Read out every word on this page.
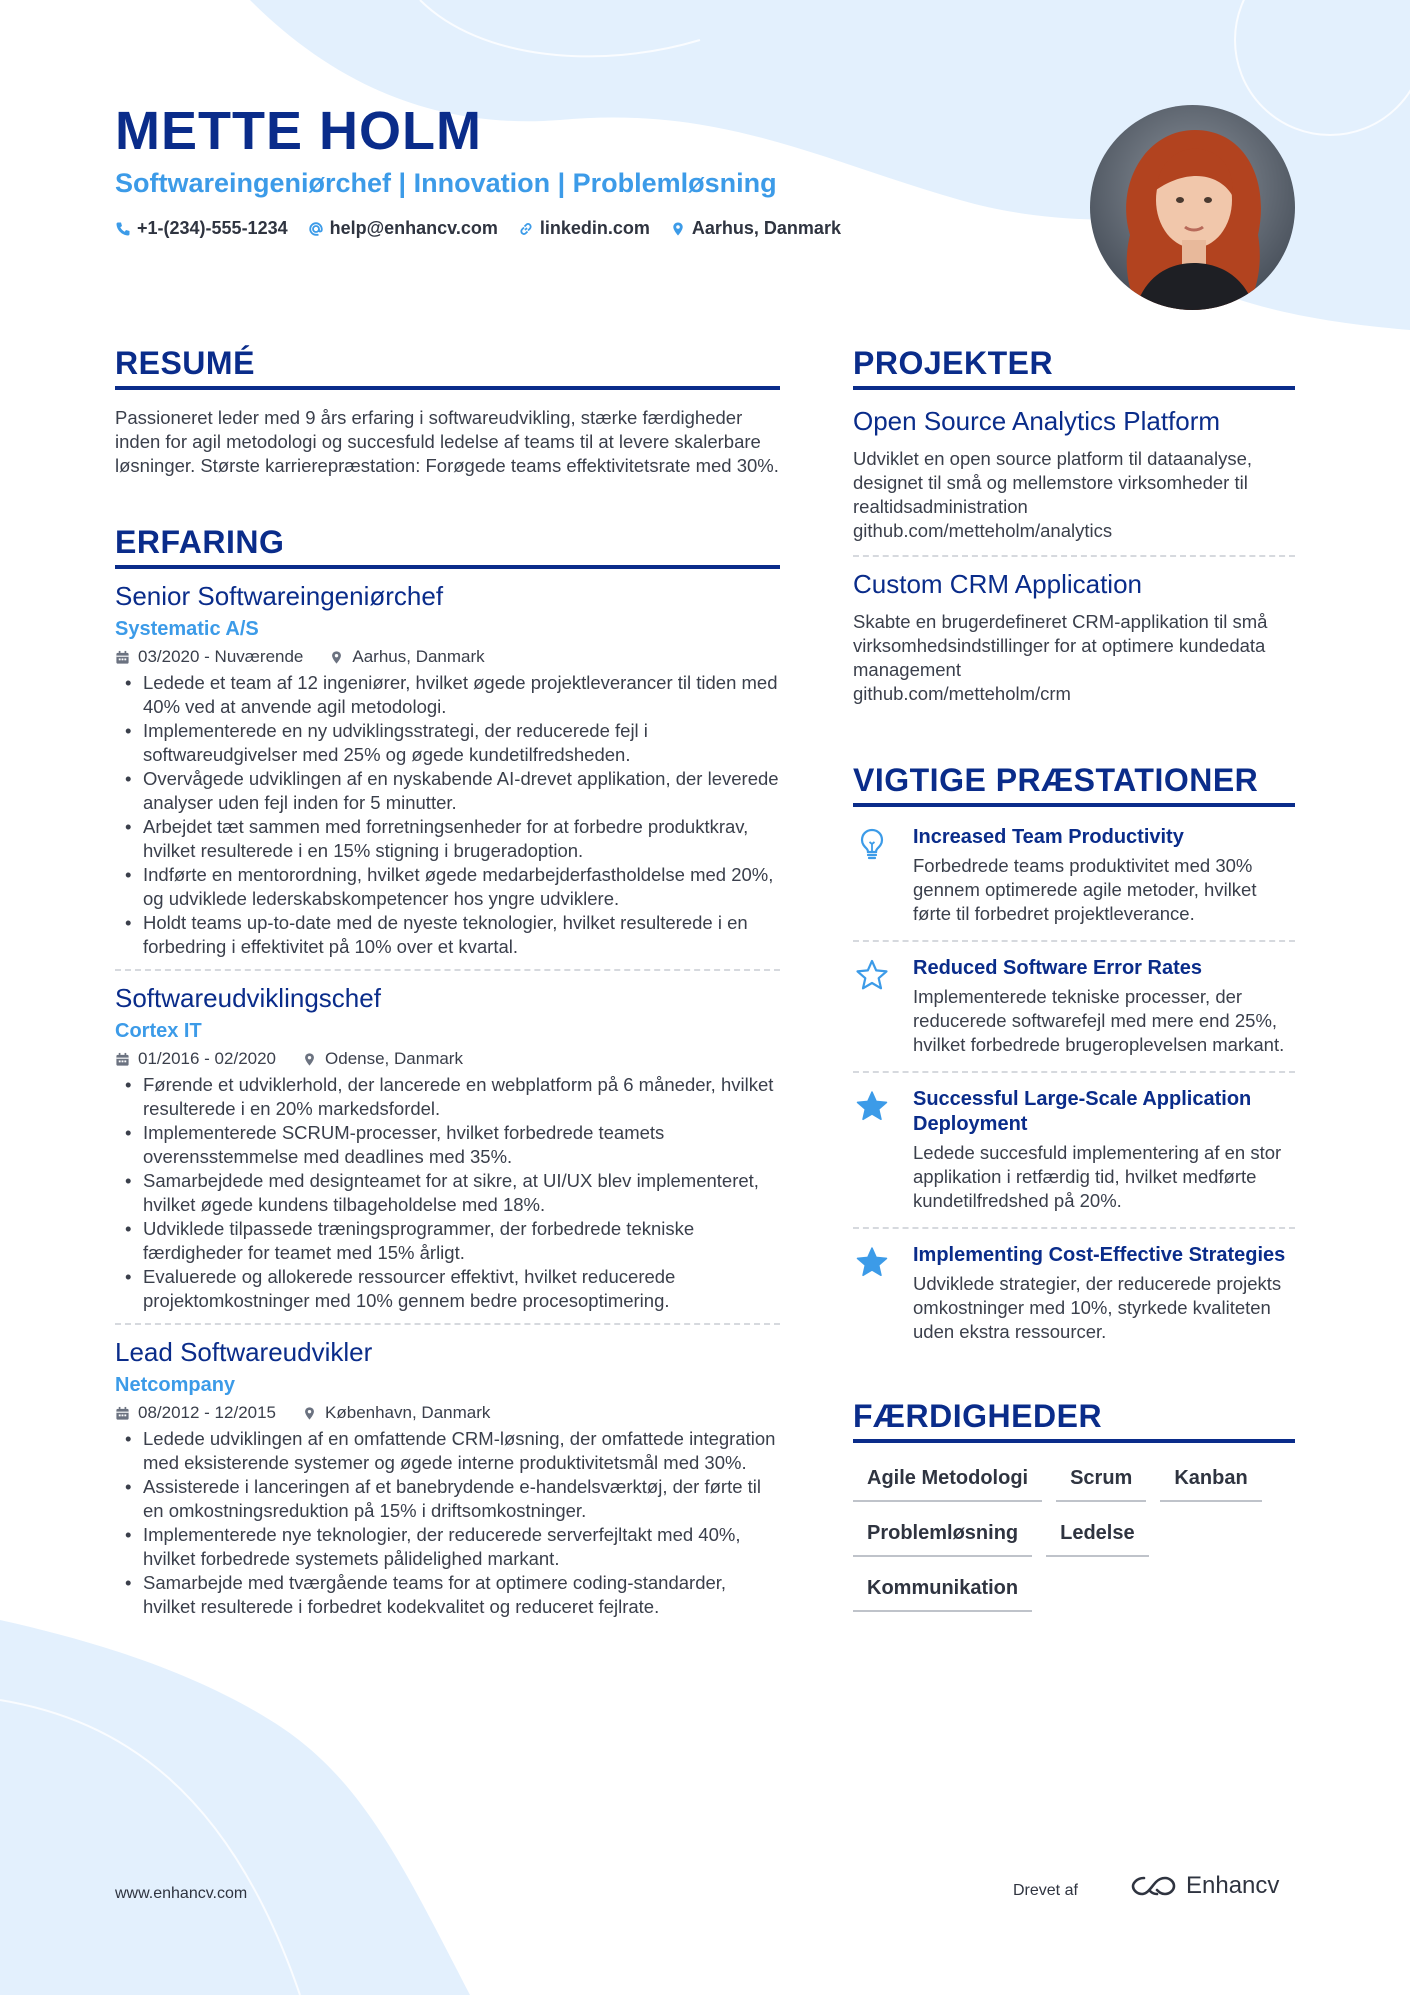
METTE HOLM
Softwareingeniørchef | Innovation | Problemløsning
+1-(234)-555-1234 help@enhancv.com linkedin.com Aarhus, Danmark
RESUMÉ

Passioneret leder med 9 års erfaring i softwareudvikling, stærke færdigheder inden for agil metodologi og succesfuld ledelse af teams til at levere skalerbare løsninger. Største karrierepræstation: Forøgede teams effektivitetsrate med 30%.

ERFARING
Senior Softwareingeniørchef
Systematic A/S
03/2020 - Nuværende	Aarhus, Danmark
• Ledede et team af 12 ingeniører, hvilket øgede projektleverancer til tiden med 40% ved at anvende agil metodologi.
• Implementerede en ny udviklingsstrategi, der reducerede fejl i softwareudgivelser med 25% og øgede kundetilfredsheden.
• Overvågede udviklingen af en nyskabende AI-drevet applikation, der leverede analyser uden fejl inden for 5 minutter.
• Arbejdet tæt sammen med forretningsenheder for at forbedre produktkrav, hvilket resulterede i en 15% stigning i brugeradoption.
• Indførte en mentorordning, hvilket øgede medarbejderfastholdelse med 20%, og udviklede lederskabskompetencer hos yngre udviklere.
• Holdt teams up-to-date med de nyeste teknologier, hvilket resulterede i en forbedring i effektivitet på 10% over et kvartal.
Softwareudviklingschef
Cortex IT
01/2016 - 02/2020	Odense, Danmark
• Førende et udviklerhold, der lancerede en webplatform på 6 måneder, hvilket resulterede i en 20% markedsfordel.
• Implementerede SCRUM-processer, hvilket forbedrede teamets overensstemmelse med deadlines med 35%.
• Samarbejdede med designteamet for at sikre, at UI/UX blev implementeret, hvilket øgede kundens tilbageholdelse med 18%.
• Udviklede tilpassede træningsprogrammer, der forbedrede tekniske færdigheder for teamet med 15% årligt.
• Evaluerede og allokerede ressourcer effektivt, hvilket reducerede projektomkostninger med 10% gennem bedre procesoptimering.
Lead Softwareudvikler
Netcompany
08/2012 - 12/2015	København, Danmark
• Ledede udviklingen af en omfattende CRM-løsning, der omfattede integration med eksisterende systemer og øgede interne produktivitetsmål med 30%.
• Assisterede i lanceringen af et banebrydende e-handelsværktøj, der førte til en omkostningsreduktion på 15% i driftsomkostninger.
• Implementerede nye teknologier, der reducerede serverfejltakt med 40%, hvilket forbedrede systemets pålidelighed markant.
• Samarbejde med tværgående teams for at optimere coding-standarder, hvilket resulterede i forbedret kodekvalitet og reduceret fejlrate.
PROJEKTER
Open Source Analytics Platform
Udviklet en open source platform til dataanalyse, designet til små og mellemstore virksomheder til realtidsadministration
github.com/metteholm/analytics
Custom CRM Application
Skabte en brugerdefineret CRM-applikation til små virksomhedsindstillinger for at optimere kundedata management
github.com/metteholm/crm
VIGTIGE PRÆSTATIONER
Increased Team Productivity
Forbedrede teams produktivitet med 30% gennem optimerede agile metoder, hvilket førte til forbedret projektleverance.
Reduced Software Error Rates
Implementerede tekniske processer, der reducerede softwarefejl med mere end 25%, hvilket forbedrede brugeroplevelsen markant.
Successful Large-Scale Application Deployment
Ledede succesfuld implementering af en stor applikation i retfærdig tid, hvilket medførte kundetilfredshed på 20%.
Implementing Cost-Effective Strategies
Udviklede strategier, der reducerede projekts omkostninger med 10%, styrkede kvaliteten uden ekstra ressourcer.
FÆRDIGHEDER
Agile Metodologi	Scrum	Kanban
Problemløsning	Ledelse
Kommunikation
www.enhancv.com	Drevet af	Enhancv
